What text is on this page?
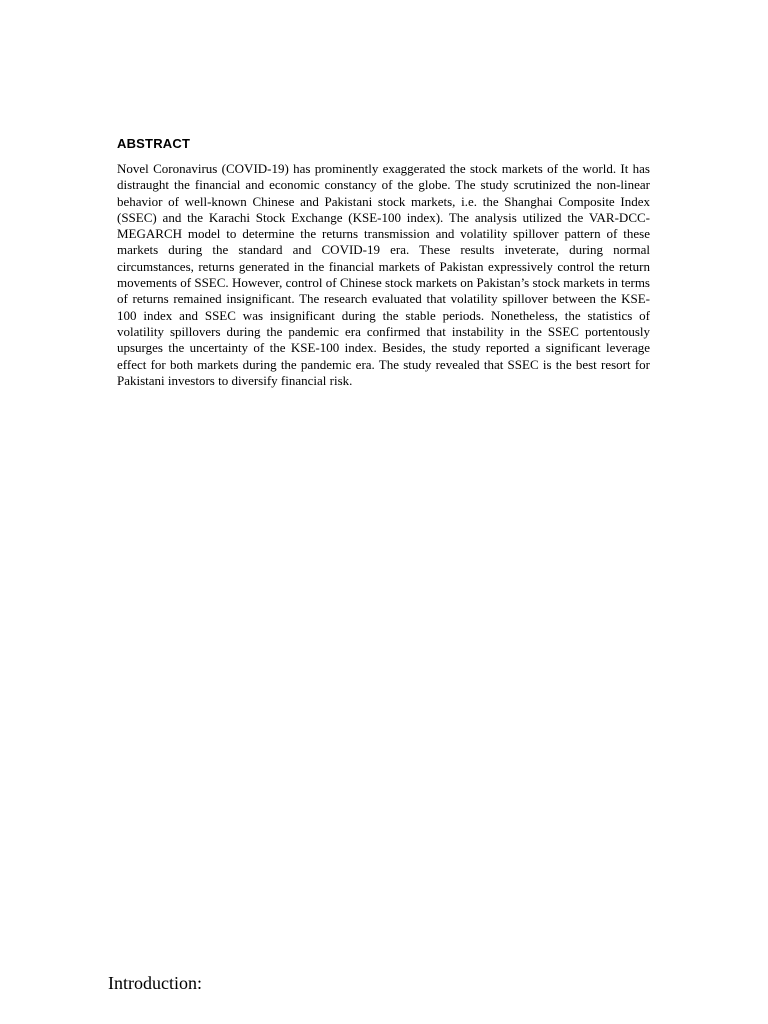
ABSTRACT

Novel Coronavirus (COVID-19) has prominently exaggerated the stock markets of the world. It has distraught the financial and economic constancy of the globe. The study scrutinized the non-linear behavior of well-known Chinese and Pakistani stock markets, i.e. the Shanghai Composite Index (SSEC) and the Karachi Stock Exchange (KSE-100 index). The analysis utilized the VAR-DCC-MEGARCH model to determine the returns transmission and volatility spillover pattern of these markets during the standard and COVID-19 era. These results inveterate, during normal circumstances, returns generated in the financial markets of Pakistan expressively control the return movements of SSEC. However, control of Chinese stock markets on Pakistan’s stock markets in terms of returns remained insignificant. The research evaluated that volatility spillover between the KSE-100 index and SSEC was insignificant during the stable periods. Nonetheless, the statistics of volatility spillovers during the pandemic era confirmed that instability in the SSEC portentously upsurges the uncertainty of the KSE-100 index. Besides, the study reported a significant leverage effect for both markets during the pandemic era. The study revealed that SSEC is the best resort for Pakistani investors to diversify financial risk.

Introduction:
